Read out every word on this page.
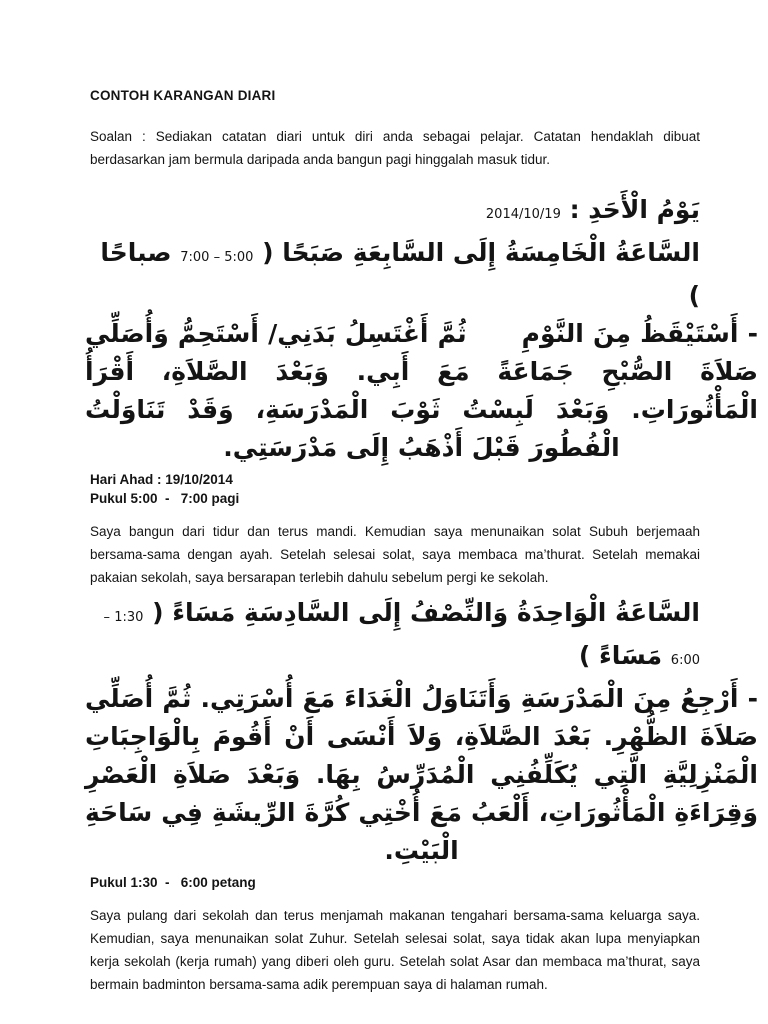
CONTOH KARANGAN DIARI

Soalan : Sediakan catatan diari untuk diri anda sebagai pelajar. Catatan hendaklah dibuat berdasarkan jam bermula daripada anda bangun pagi hinggalah masuk tidur.

يَوْمُ الْأَحَدِ : 2014/10/19
السَّاعَةُ الْخَامِسَةُ إِلَى السَّابِعَةِ صَبَحًا ( 5:00 – 7:00 صباحًا )

- أَسْتَيْقَظُ مِنَ النَّوْمِ      ثُمَّ أَغْتَسِلُ بَدَنِي/ أَسْتَحِمُّ وَأُصَلِّي صَلاَةَ الصُّبْحِ جَمَاعَةً مَعَ أَبِي. وَبَعْدَ الصَّلاَةِ، أَقْرَأُ الْمَأْثُورَاتِ. وَبَعْدَ لَبِسْتُ ثَوْبَ الْمَدْرَسَةِ، وَقَدْ تَنَاوَلْتُ الْفُطُورَ قَبْلَ أَذْهَبُ إِلَى مَدْرَسَتِي.

Hari Ahad : 19/10/2014
Pukul 5:00  -   7:00 pagi

Saya bangun dari tidur dan terus mandi. Kemudian saya menunaikan solat Subuh berjemaah bersama-sama dengan ayah. Setelah selesai solat, saya membaca ma’thurat. Setelah memakai pakaian sekolah, saya bersarapan terlebih dahulu sebelum pergi ke sekolah.

السَّاعَةُ الْوَاحِدَةُ وَالنِّصْفُ إِلَى السَّادِسَةِ مَسَاءً ( 1:30 – 6:00 مَسَاءً )

- أَرْجِعُ مِنَ الْمَدْرَسَةِ وَأَتَنَاوَلُ الْغَدَاءَ مَعَ أُسْرَتِي. ثُمَّ أُصَلِّي صَلاَةَ الظُّهْرِ. بَعْدَ الصَّلاَةِ، وَلاَ أَنْسَى أَنْ أَقُومَ بِالْوَاجِبَاتِ الْمَنْزِلِيَّةِ الَّتِي يُكَلِّفُنِي الْمُدَرِّسُ بِهَا. وَبَعْدَ صَلاَةِ الْعَصْرِ وَقِرَاءَةِ الْمَأْثُورَاتِ، أَلْعَبُ مَعَ أُخْتِي كُرَّةَ الرِّيشَةِ فِي سَاحَةِ الْبَيْتِ.

Pukul 1:30  -   6:00 petang

Saya pulang dari sekolah dan terus menjamah makanan tengahari bersama-sama keluarga saya. Kemudian, saya menunaikan solat Zuhur. Setelah selesai solat, saya tidak akan lupa menyiapkan kerja sekolah (kerja rumah) yang diberi oleh guru. Setelah solat Asar dan membaca ma’thurat, saya bermain badminton bersama-sama adik perempuan saya di halaman rumah.
